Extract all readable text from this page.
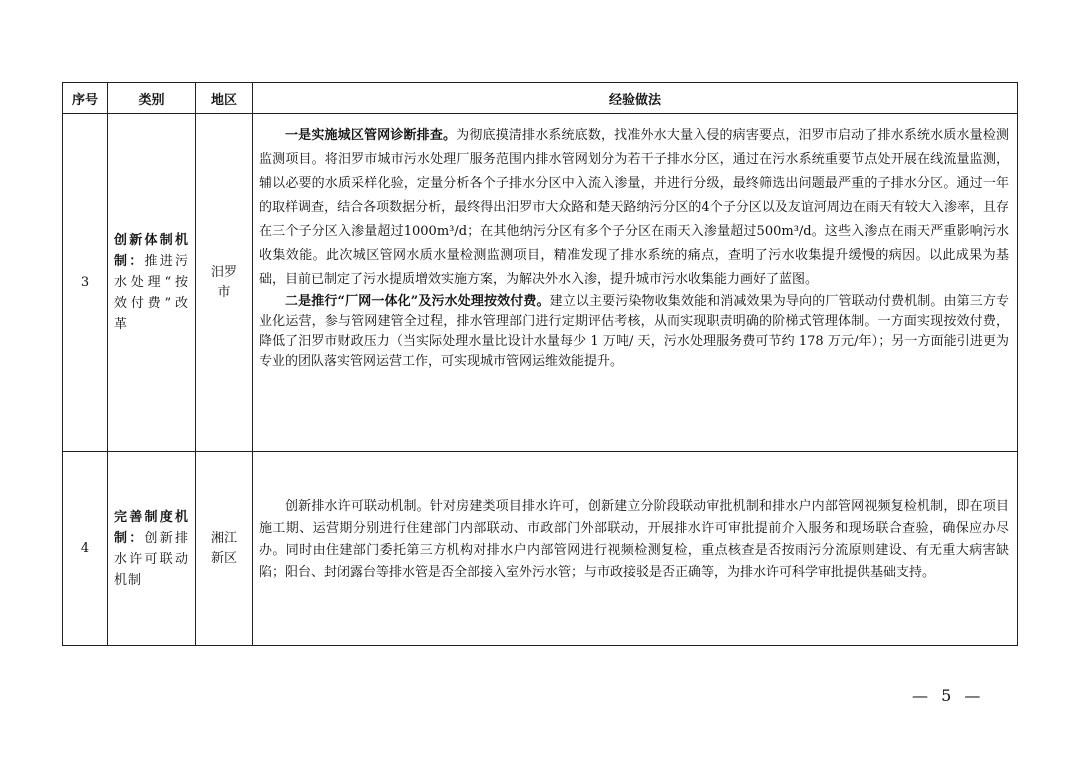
序号	类别	地区	经验做法
3	创新体制机制：推进污水处理“按效付费”改革	汨罗市	一是实施城区管网诊断排查。为彻底摸清排水系统底数，找准外水大量入侵的病害要点，汨罗市启动了排水系统水质水量检测监测项目。将汨罗市城市污水处理厂服务范围内排水管网划分为若干子排水分区，通过在污水系统重要节点处开展在线流量监测，辅以必要的水质采样化验，定量分析各个子排水分区中入流入渗量，并进行分级，最终筛选出问题最严重的子排水分区。通过一年的取样调查，结合各项数据分析，最终得出汨罗市大众路和楚天路纳污分区的4个子分区以及友谊河周边在雨天有较大入渗率，且存在三个子分区入渗量超过1000m³/d；在其他纳污分区有多个子分区在雨天入渗量超过500m³/d。这些入渗点在雨天严重影响污水收集效能。此次城区管网水质水量检测监测项目，精准发现了排水系统的痛点，查明了污水收集提升缓慢的病因。以此成果为基础，目前已制定了污水提质增效实施方案，为解决外水入渗，提升城市污水收集能力画好了蓝图。

二是推行“厂网一体化”及污水处理按效付费。建立以主要污染物收集效能和消减效果为导向的厂管联动付费机制。由第三方专业化运营，参与管网建管全过程，排水管理部门进行定期评估考核，从而实现职责明确的阶梯式管理体制。一方面实现按效付费，降低了汨罗市财政压力（当实际处理水量比设计水量每少 1 万吨/ 天，污水处理服务费可节约 178 万元/年）；另一方面能引进更为专业的团队落实管网运营工作，可实现城市管网运维效能提升。

4	完善制度机制：创新排水许可联动机制	湘江新区	创新排水许可联动机制。针对房建类项目排水许可，创新建立分阶段联动审批机制和排水户内部管网视频复检机制，即在项目施工期、运营期分别进行住建部门内部联动、市政部门外部联动，开展排水许可审批提前介入服务和现场联合查验，确保应办尽办。同时由住建部门委托第三方机构对排水户内部管网进行视频检测复检，重点核查是否按雨污分流原则建设、有无重大病害缺陷；阳台、封闭露台等排水管是否全部接入室外污水管；与市政接驳是否正确等，为排水许可科学审批提供基础支持。

— 5 —
